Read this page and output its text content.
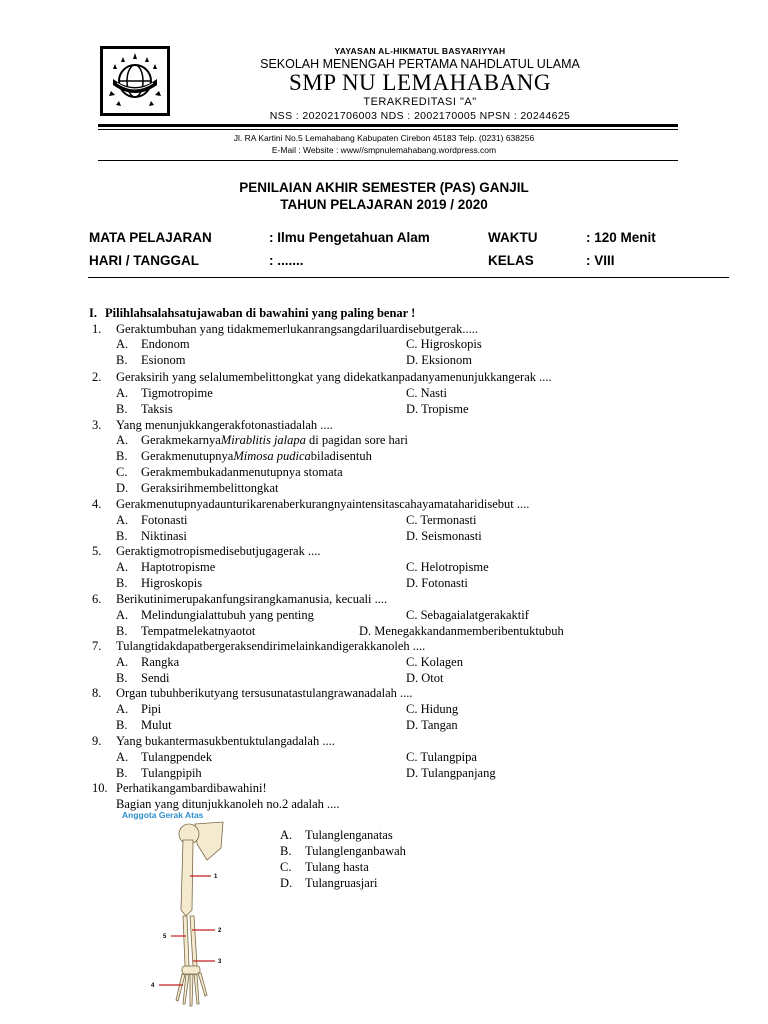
YAYASAN AL-HIKMATUL BASYARIYYAH
SEKOLAH MENENGAH PERTAMA NAHDLATUL ULAMA
SMP NU LEMAHABANG
TERAKREDITASI "A"
NSS : 202021706003 NDS : 2002170005 NPSN : 20244625
Jl. RA Kartini No.5 Lemahabang Kabupaten Cirebon 45183 Telp. (0231) 638256
E-Mail : Website : www//smpnulemahabang.wordpress.com
PENILAIAN AKHIR SEMESTER (PAS) GANJIL
TAHUN PELAJARAN 2019 / 2020
MATA PELAJARAN	: Ilmu Pengetahuan Alam	WAKTU	: 120 Menit
HARI / TANGGAL	: .......	KELAS	: VIII
I. Pilihlahsalahsatujawaban di bawahini yang paling benar !
1. Geraktumbuhan yang tidakmemerlukanrangsangdariluardisebutgerak.....
A. Endonom	C. Higroskopis
B. Esionom	D. Eksionom
2. Geraksirih yang selalumembelittongkat yang didekatkanpadanyamenunjukkangerak ....
A. Tigmotropime	C. Nasti
B. Taksis	D. Tropisme
3. Yang menunjukkangerakfotonastiadalah ....
A. GerakmekarnyaMirablitis jalapa di pagidan sore hari
B. GerakmenutupnyaMimosa pudicabiladisentuh
C. Gerakmembukadanmenutupnya stomata
D. Geraksirihmembelittongkat
4. Gerakmenutupnyadaunturikarenaberkurangnyaintensitascahayamataharidisebut ....
A. Fotonasti	C. Termonasti
B. Niktinasi	D. Seismonasti
5. Geraktigmotropismedisebutjugagerak ....
A. Haptotropisme	C. Helotropisme
B. Higroskopis	D. Fotonasti
6. Berikutinimerupakanfungsirangkamanusia, kecuali ....
A. Melindungialattubuh yang penting	C. Sebagaialatgerakaktif
B. Tempatmelekatnyaotot	D. Menegakkandanmemberibentuktubuh
7. Tulangtidakdapatbergeraksendirimelainkandigerakkanoleh ....
A. Rangka	C. Kolagen
B. Sendi	D. Otot
8. Organ tubuhberikutyang tersusunatastulangrawanadalah ....
A. Pipi	C. Hidung
B. Mulut	D. Tangan
9. Yang bukantermasukbentuktulangadalah ....
A. Tulangpendek	C. Tulangpipa
B. Tulangpipih	D. Tulangpanjang
10. Perhatikangambardibawahini!
Bagian yang ditunjukkanoleh no.2 adalah ....
Anggota Gerak Atas
1
2
3
5
4
A. Tulanglenganatas
B. Tulanglenganbawah
C. Tulang hasta
D. Tulangruasjari
